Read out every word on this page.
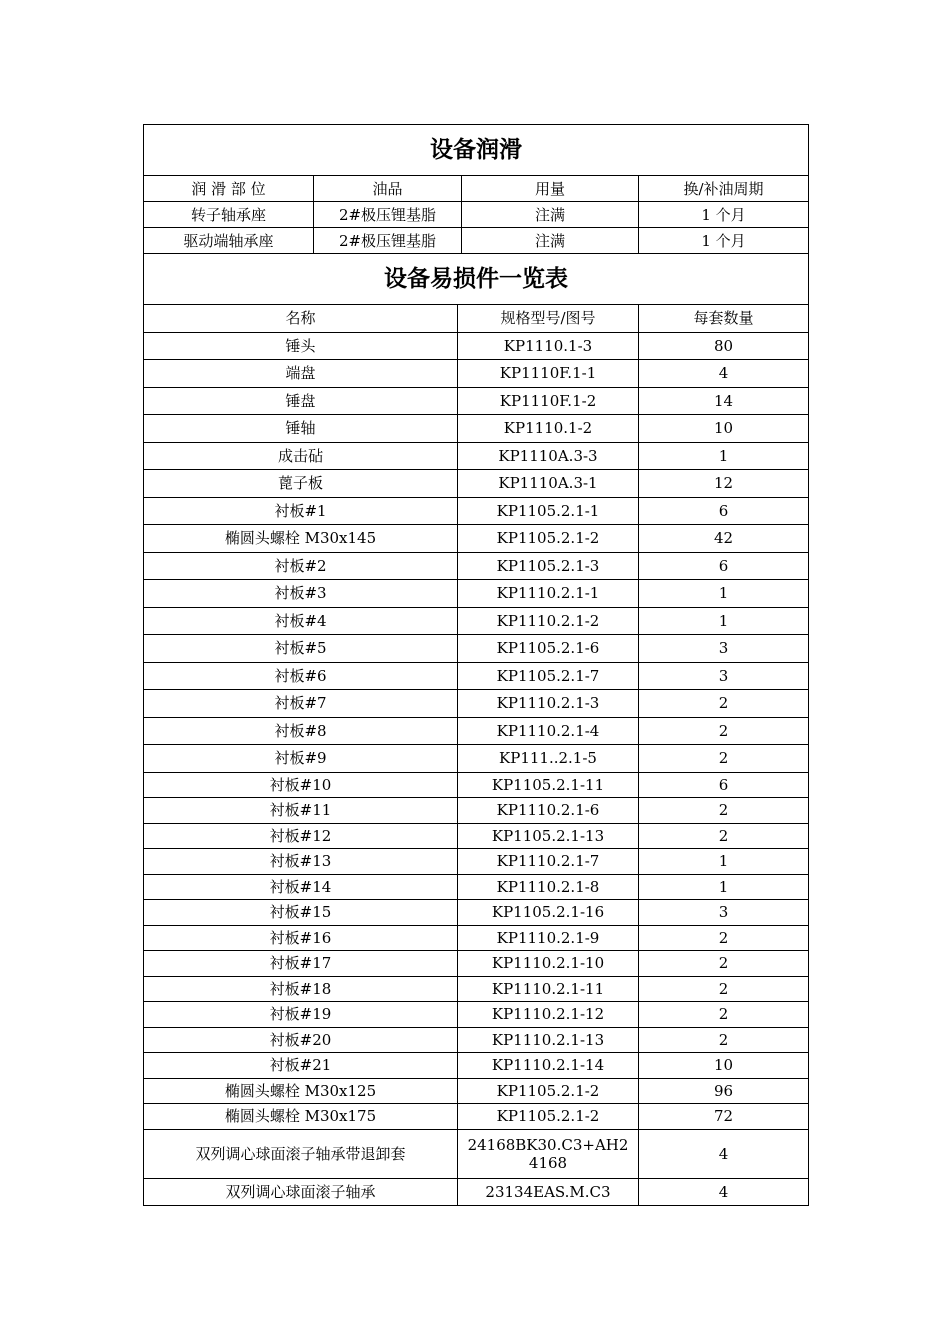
设备润滑			
润 滑 部 位	油品	用量	换/补油周期
转子轴承座	2#极压锂基脂	注满	1 个月
驱动端轴承座	2#极压锂基脂	注满	1 个月
设备易损件一览表		
名称	规格型号/图号	每套数量
锤头	KP1110.1-3	80
端盘	KP1110F.1-1	4
锤盘	KP1110F.1-2	14
锤轴	KP1110.1-2	10
成击砧	KP1110A.3-3	1
蓖子板	KP1110A.3-1	12
衬板#1	KP1105.2.1-1	6
椭圆头螺栓 M30x145	KP1105.2.1-2	42
衬板#2	KP1105.2.1-3	6
衬板#3	KP1110.2.1-1	1
衬板#4	KP1110.2.1-2	1
衬板#5	KP1105.2.1-6	3
衬板#6	KP1105.2.1-7	3
衬板#7	KP1110.2.1-3	2
衬板#8	KP1110.2.1-4	2
衬板#9	KP111..2.1-5	2
衬板#10	KP1105.2.1-11	6
衬板#11	KP1110.2.1-6	2
衬板#12	KP1105.2.1-13	2
衬板#13	KP1110.2.1-7	1
衬板#14	KP1110.2.1-8	1
衬板#15	KP1105.2.1-16	3
衬板#16	KP1110.2.1-9	2
衬板#17	KP1110.2.1-10	2
衬板#18	KP1110.2.1-11	2
衬板#19	KP1110.2.1-12	2
衬板#20	KP1110.2.1-13	2
衬板#21	KP1110.2.1-14	10
椭圆头螺栓 M30x125	KP1105.2.1-2	96
椭圆头螺栓 M30x175	KP1105.2.1-2	72
双列调心球面滚子轴承带退卸套	24168BK30.C3+AH24168	4
双列调心球面滚子轴承	23134EAS.M.C3	4
